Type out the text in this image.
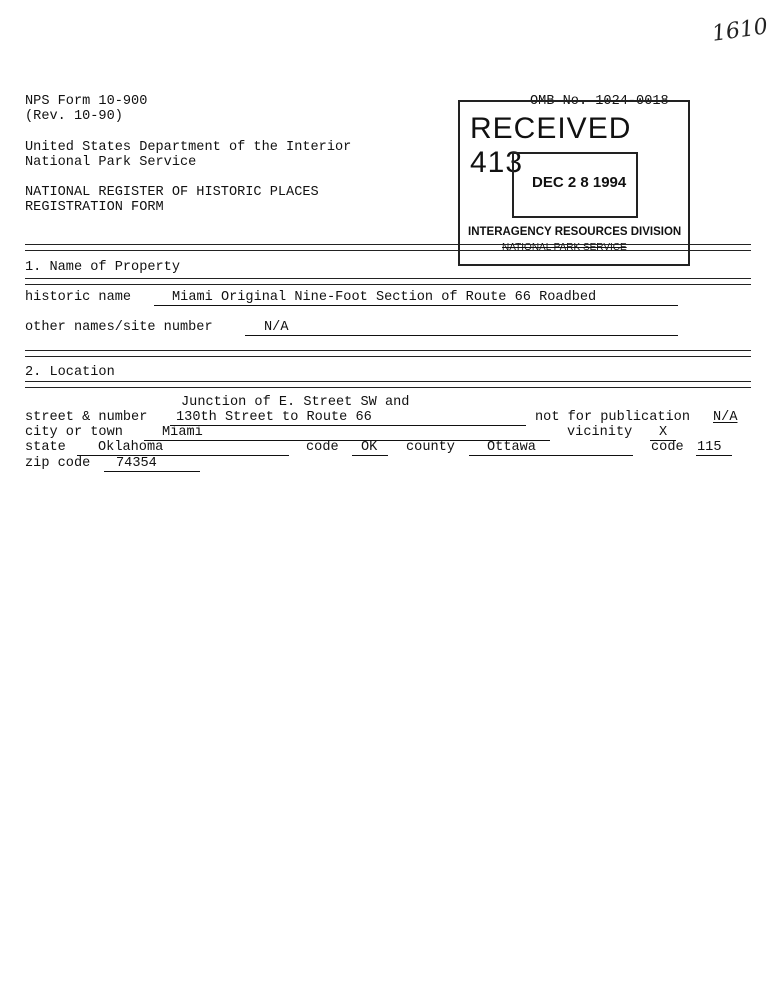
1610
NPS Form 10-900
(Rev. 10-90)
United States Department of the Interior
National Park Service
NATIONAL REGISTER OF HISTORIC PLACES
REGISTRATION FORM
OMB No. 1024-0018
RECEIVED 413
DEC 2 8 1994
INTERAGENCY RESOURCES DIVISION
NATIONAL PARK SERVICE
1. Name of Property
historic name	Miami Original Nine-Foot Section of Route 66 Roadbed
other names/site number	N/A
2. Location
Junction of E. Street SW and
street & number 130th Street to Route 66	not for publication N/A
city or town	Miami	vicinity X
state Oklahoma	code OK county Ottawa	code 115
zip code 74354
